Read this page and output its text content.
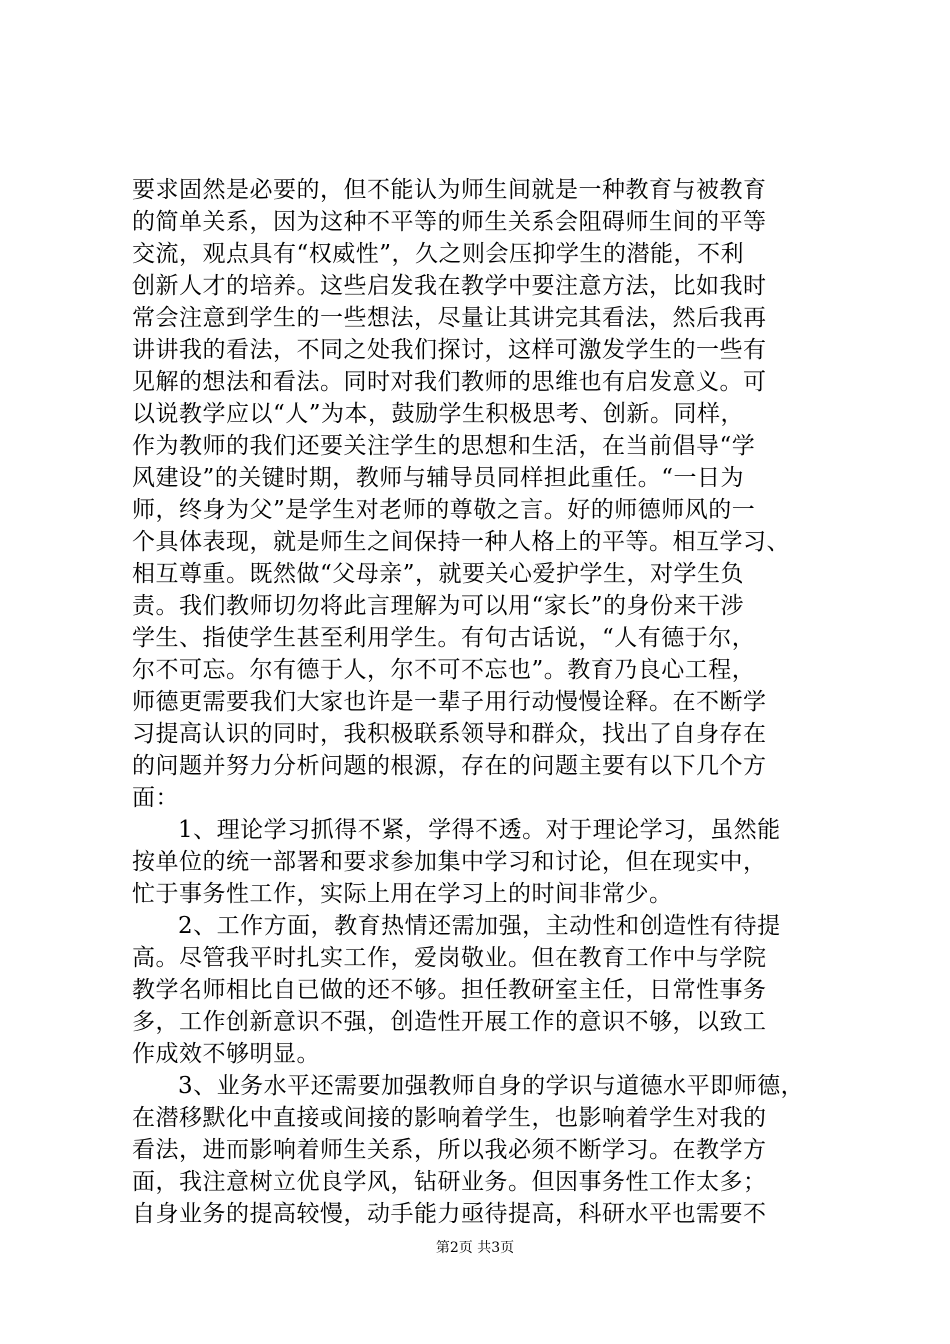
要求固然是必要的，但不能认为师生间就是一种教育与被教育
的简单关系，因为这种不平等的师生关系会阻碍师生间的平等
交流，观点具有“权威性”，久之则会压抑学生的潜能，不利
创新人才的培养。这些启发我在教学中要注意方法，比如我时
常会注意到学生的一些想法，尽量让其讲完其看法，然后我再
讲讲我的看法，不同之处我们探讨，这样可激发学生的一些有
见解的想法和看法。同时对我们教师的思维也有启发意义。可
以说教学应以“人”为本，鼓励学生积极思考、创新。同样，
作为教师的我们还要关注学生的思想和生活，在当前倡导“学
风建设”的关键时期，教师与辅导员同样担此重任。“一日为
师，终身为父”是学生对老师的尊敬之言。好的师德师风的一
个具体表现，就是师生之间保持一种人格上的平等。相互学习、
相互尊重。既然做“父母亲”，就要关心爱护学生，对学生负
责。我们教师切勿将此言理解为可以用“家长”的身份来干涉
学生、指使学生甚至利用学生。有句古话说，“人有德于尔，
尔不可忘。尔有德于人，尔不可不忘也”。教育乃良心工程，
师德更需要我们大家也许是一辈子用行动慢慢诠释。在不断学
习提高认识的同时，我积极联系领导和群众，找出了自身存在
的问题并努力分析问题的根源，存在的问题主要有以下几个方
面：
1、理论学习抓得不紧，学得不透。对于理论学习，虽然能
按单位的统一部署和要求参加集中学习和讨论，但在现实中，
忙于事务性工作，实际上用在学习上的时间非常少。
2、工作方面，教育热情还需加强，主动性和创造性有待提
高。尽管我平时扎实工作，爱岗敬业。但在教育工作中与学院
教学名师相比自已做的还不够。担任教研室主任，日常性事务
多，工作创新意识不强，创造性开展工作的意识不够，以致工
作成效不够明显。
3、业务水平还需要加强教师自身的学识与道德水平即师德，
在潜移默化中直接或间接的影响着学生，也影响着学生对我的
看法，进而影响着师生关系，所以我必须不断学习。在教学方
面，我注意树立优良学风，钻研业务。但因事务性工作太多；
自身业务的提高较慢，动手能力亟待提高，科研水平也需要不
第2页 共3页
